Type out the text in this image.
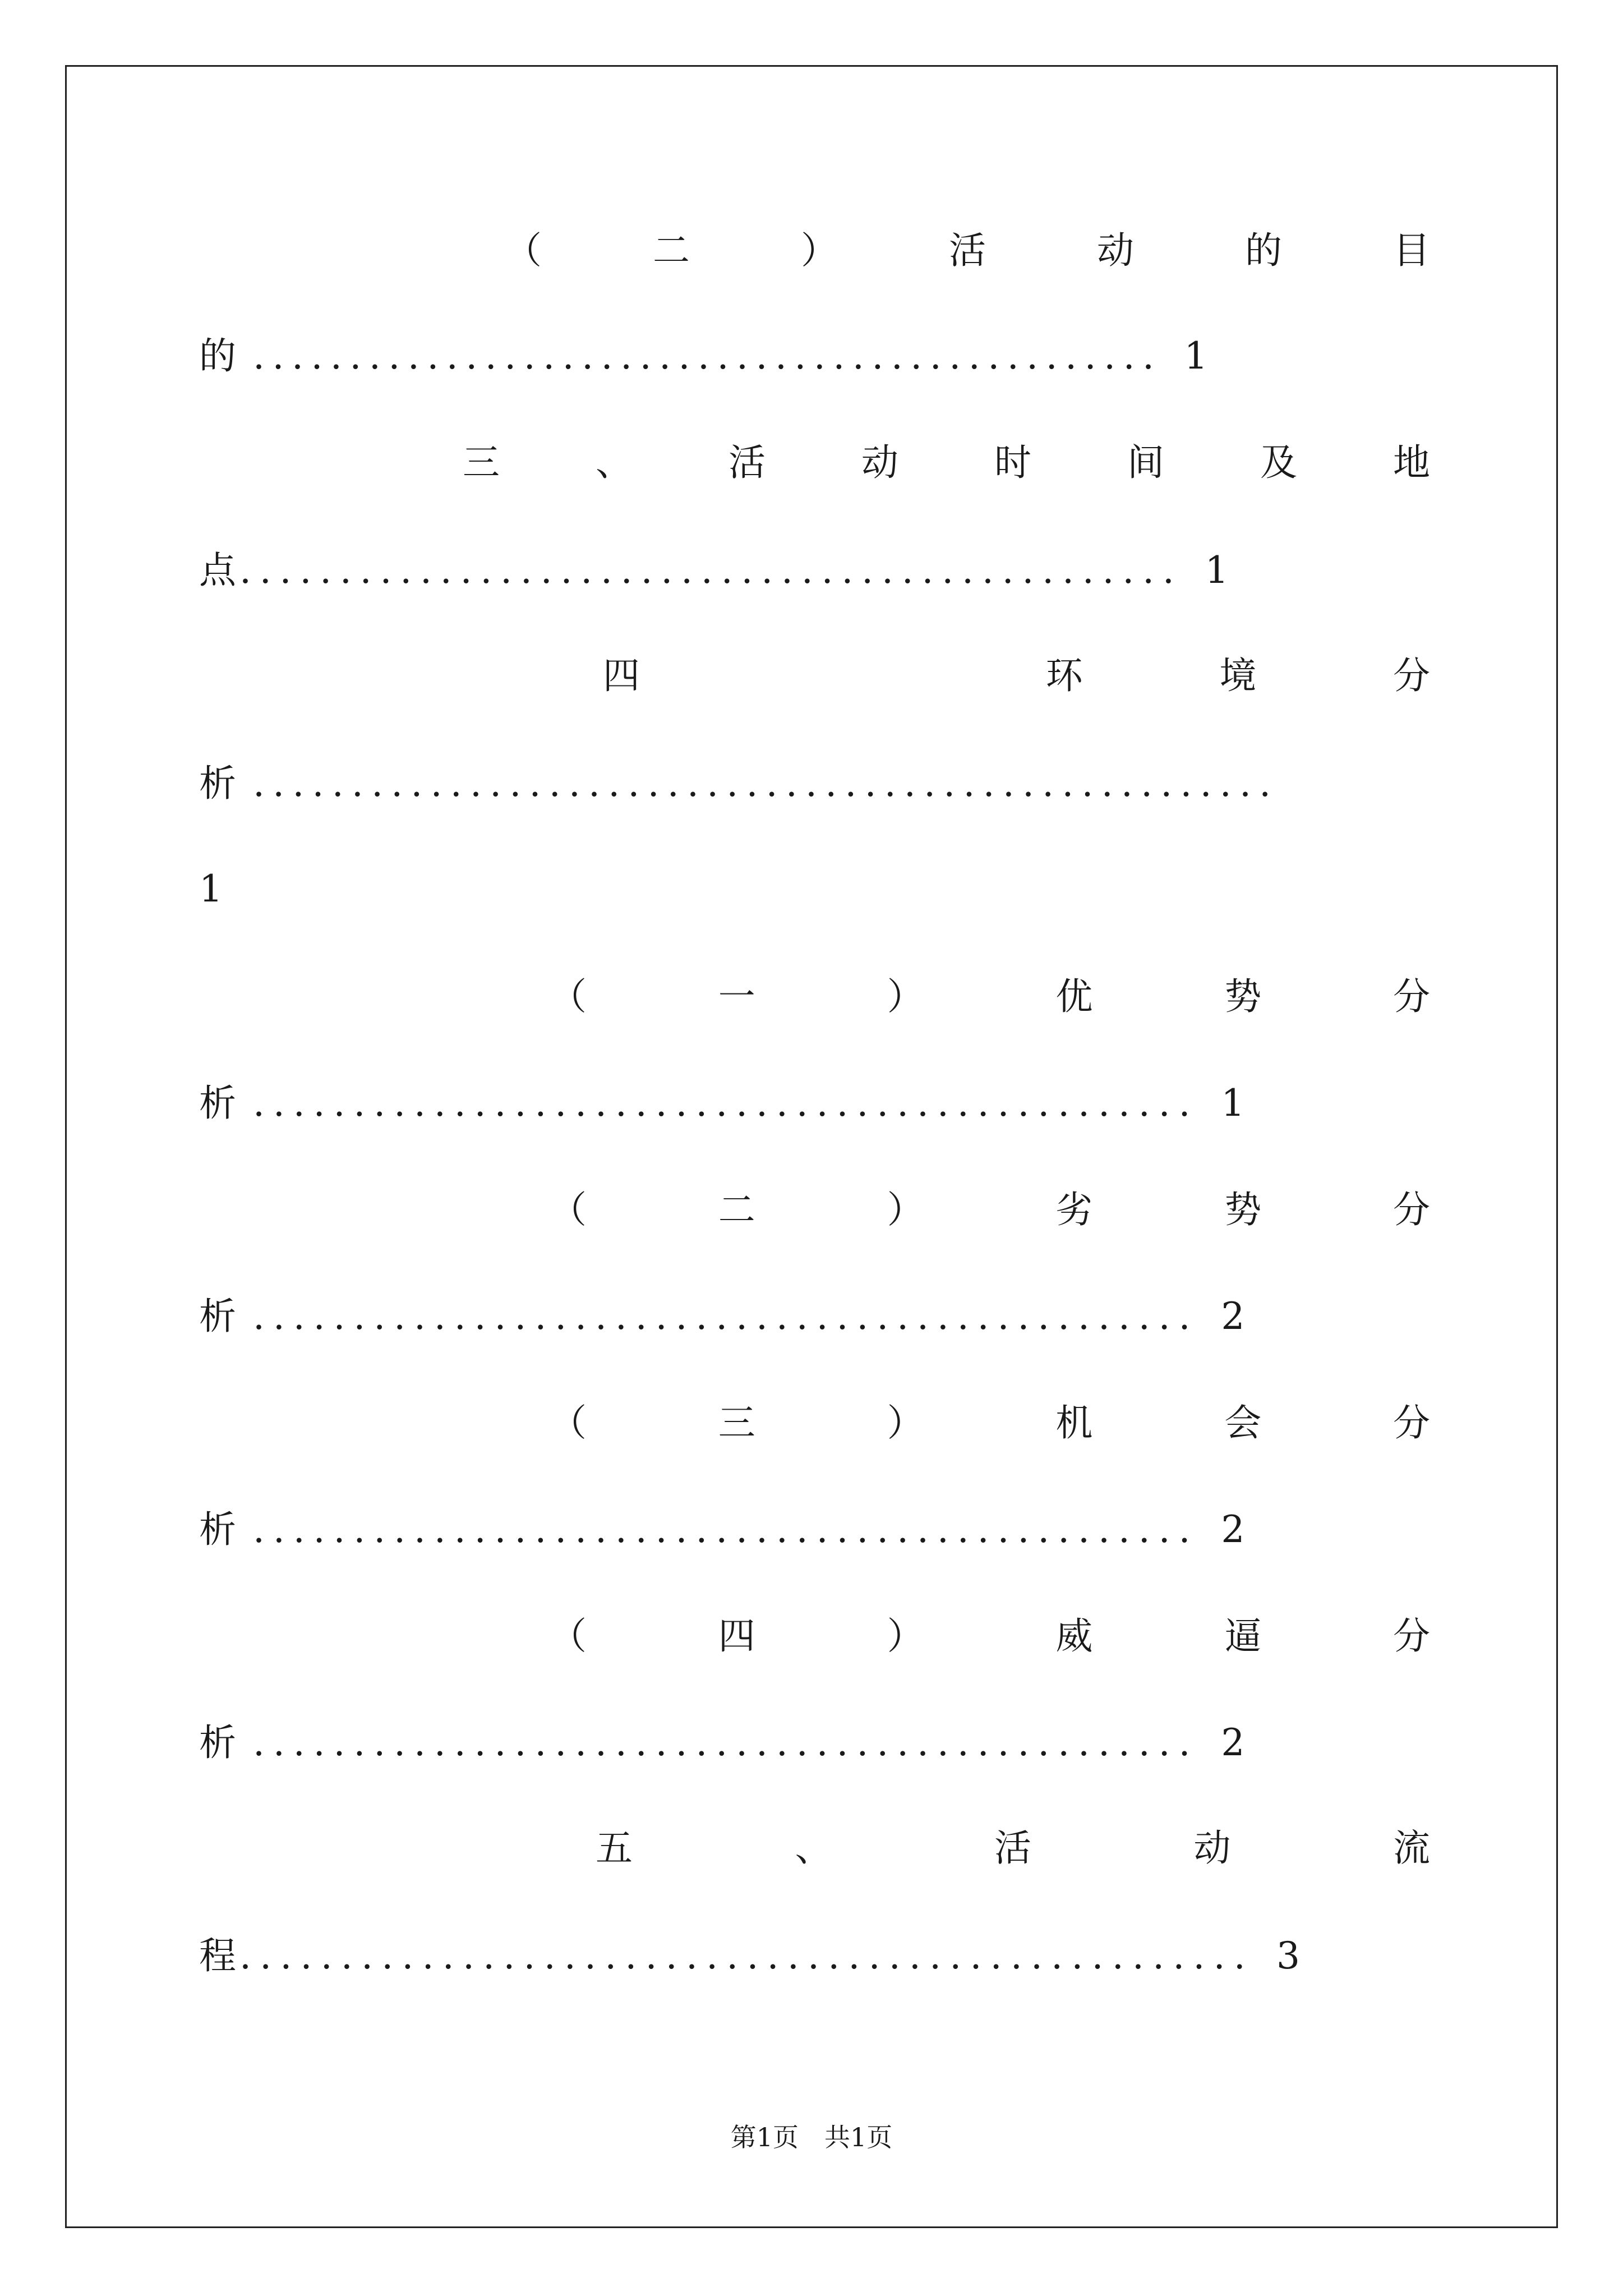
（	二	）	活	动	的	目
的 ............................................... 1
三	、	活	动	时	间	及	地
点 ............................................... 1
四	环	境	分
析 ....................................................
1
（	一	）	优	势	分
析 ............................................... 1
（	二	）	劣	势	分
析 ............................................... 2
（	三	）	机	会	分
析 ............................................... 2
（	四	）	威	逼	分
析 ............................................... 2
五	、	活	动	流
程 .................................................. 3
第1页　共1页
